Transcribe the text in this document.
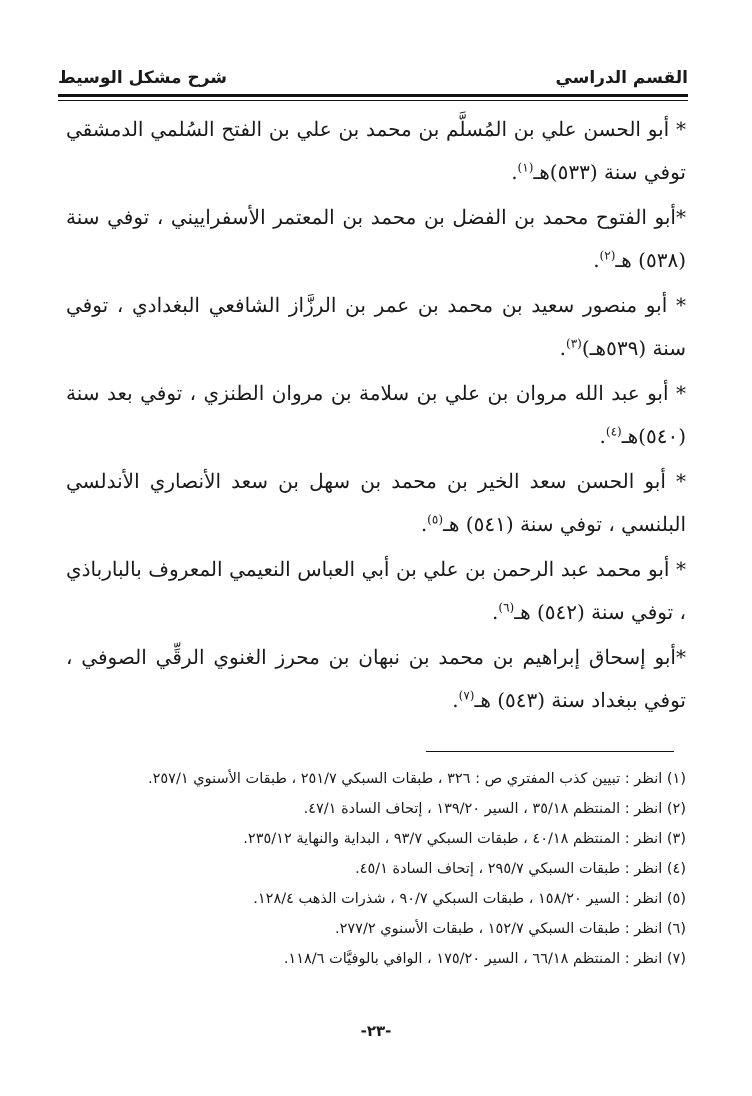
القسم الدراسي
شرح مشكل الوسيط

* أبو الحسن علي بن المُسلَّم بن محمد بن علي بن الفتح السُلمي الدمشقي توفي سنة (٥٣٣)هـ$^{(١)}$.

*أبو الفتوح محمد بن الفضل بن محمد بن المعتمر الأسفراييني ، توفي سنة (٥٣٨) هـ$^{(٢)}$.

* أبو منصور سعيد بن محمد بن عمر بن الرزَّاز الشافعي البغدادي ، توفي سنة (٥٣٩هـ)$^{(٣)}$.

* أبو عبد الله مروان بن علي بن سلامة بن مروان الطنزي ، توفي بعد سنة (٥٤٠)هـ$^{(٤)}$.

* أبو الحسن سعد الخير بن محمد بن سهل بن سعد الأنصاري الأندلسي البلنسي ، توفي سنة (٥٤١) هـ$^{(٥)}$.

* أبو محمد عبد الرحمن بن علي بن أبي العباس النعيمي المعروف بالبارباذي ، توفي سنة (٥٤٢) هـ$^{(٦)}$.

*أبو إسحاق إبراهيم بن محمد بن نبهان بن محرز الغنوي الرقِّي الصوفي ، توفي ببغداد سنة (٥٤٣) هـ$^{(٧)}$.

(١) انظر : تبيين كذب المفتري ص : ٣٢٦ ، طبقات السبكي ٢٥١/٧ ، طبقات الأسنوي ٢٥٧/١.
(٢) انظر : المنتظم ٣٥/١٨ ، السير ١٣٩/٢٠ ، إتحاف السادة ٤٧/١.
(٣) انظر : المنتظم ٤٠/١٨ ، طبقات السبكي ٩٣/٧ ، البداية والنهاية ٢٣٥/١٢.
(٤) انظر : طبقات السبكي ٢٩٥/٧ ، إتحاف السادة ٤٥/١.
(٥) انظر : السير ١٥٨/٢٠ ، طبقات السبكي ٩٠/٧ ، شذرات الذهب ١٢٨/٤.
(٦) انظر : طبقات السبكي ١٥٢/٧ ، طبقات الأسنوي ٢٧٧/٢.
(٧) انظر : المنتظم ٦٦/١٨ ، السير ١٧٥/٢٠ ، الوافي بالوفيَّات ١١٨/٦.
-٢٣-
